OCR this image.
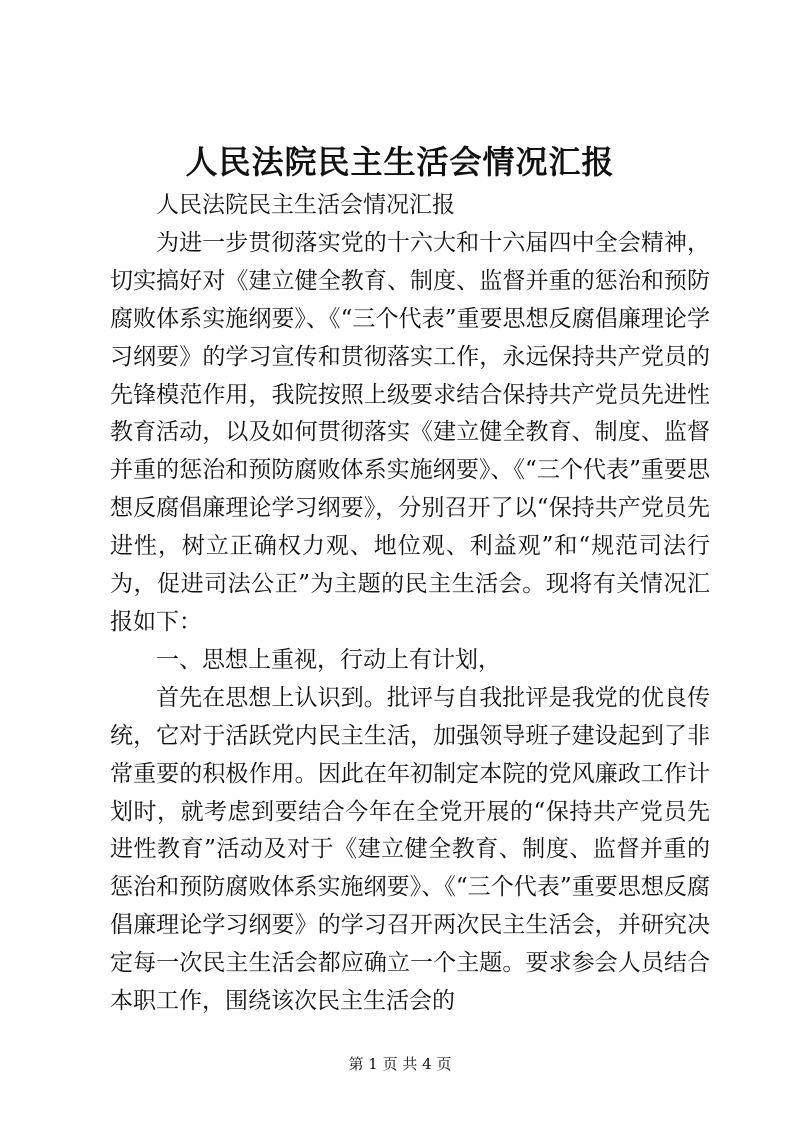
人民法院民主生活会情况汇报

人民法院民主生活会情况汇报

为进一步贯彻落实党的十六大和十六届四中全会精神，切实搞好对《建立健全教育、制度、监督并重的惩治和预防腐败体系实施纲要》、《“三个代表”重要思想反腐倡廉理论学习纲要》的学习宣传和贯彻落实工作，永远保持共产党员的先锋模范作用，我院按照上级要求结合保持共产党员先进性教育活动，以及如何贯彻落实《建立健全教育、制度、监督并重的惩治和预防腐败体系实施纲要》、《“三个代表”重要思想反腐倡廉理论学习纲要》，分别召开了以“保持共产党员先进性，树立正确权力观、地位观、利益观”和“规范司法行为，促进司法公正”为主题的民主生活会。现将有关情况汇报如下：

一、思想上重视，行动上有计划，

首先在思想上认识到。批评与自我批评是我党的优良传统，它对于活跃党内民主生活，加强领导班子建设起到了非常重要的积极作用。因此在年初制定本院的党风廉政工作计划时，就考虑到要结合今年在全党开展的“保持共产党员先进性教育”活动及对于《建立健全教育、制度、监督并重的惩治和预防腐败体系实施纲要》、《“三个代表”重要思想反腐倡廉理论学习纲要》的学习召开两次民主生活会，并研究决定每一次民主生活会都应确立一个主题。要求参会人员结合本职工作，围绕该次民主生活会的

第 1 页 共 4 页
